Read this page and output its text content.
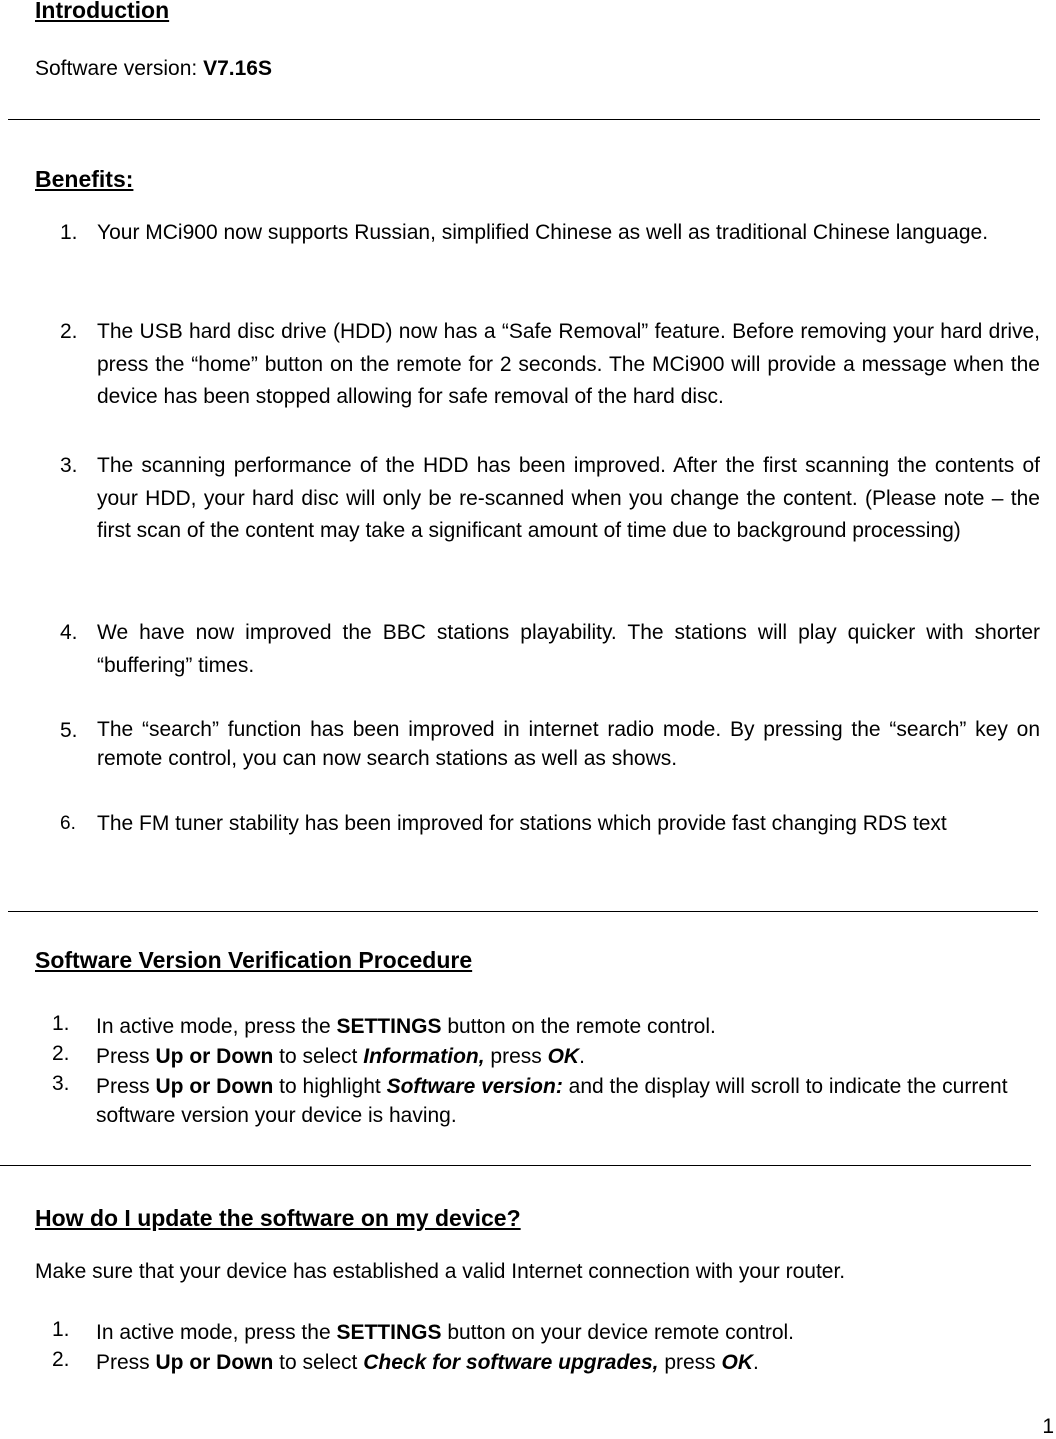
Introduction
Software version: V7.16S
Benefits:
1. Your MCi900 now supports Russian, simplified Chinese as well as traditional Chinese language.
2. The USB hard disc drive (HDD) now has a “Safe Removal” feature. Before removing your hard drive, press the “home” button on the remote for 2 seconds. The MCi900 will provide a message when the device has been stopped allowing for safe removal of the hard disc.
3. The scanning performance of the HDD has been improved. After the first scanning the contents of your HDD, your hard disc will only be re-scanned when you change the content. (Please note – the first scan of the content may take a significant amount of time due to background processing)
4. We have now improved the BBC stations playability. The stations will play quicker with shorter “buffering” times.
5. The “search” function has been improved in internet radio mode. By pressing the “search” key on remote control, you can now search stations as well as shows.
6.	The FM tuner stability has been improved for stations which provide fast changing RDS text
Software Version Verification Procedure
1.	In active mode, press the SETTINGS button on the remote control.
2.	Press Up or Down to select Information, press OK.
3.	Press Up or Down to highlight Software version: and the display will scroll to indicate the current software version your device is having.
How do I update the software on my device?
Make sure that your device has established a valid Internet connection with your router.
1.	In active mode, press the SETTINGS button on your device remote control.
2.	Press Up or Down to select Check for software upgrades, press OK.
1
